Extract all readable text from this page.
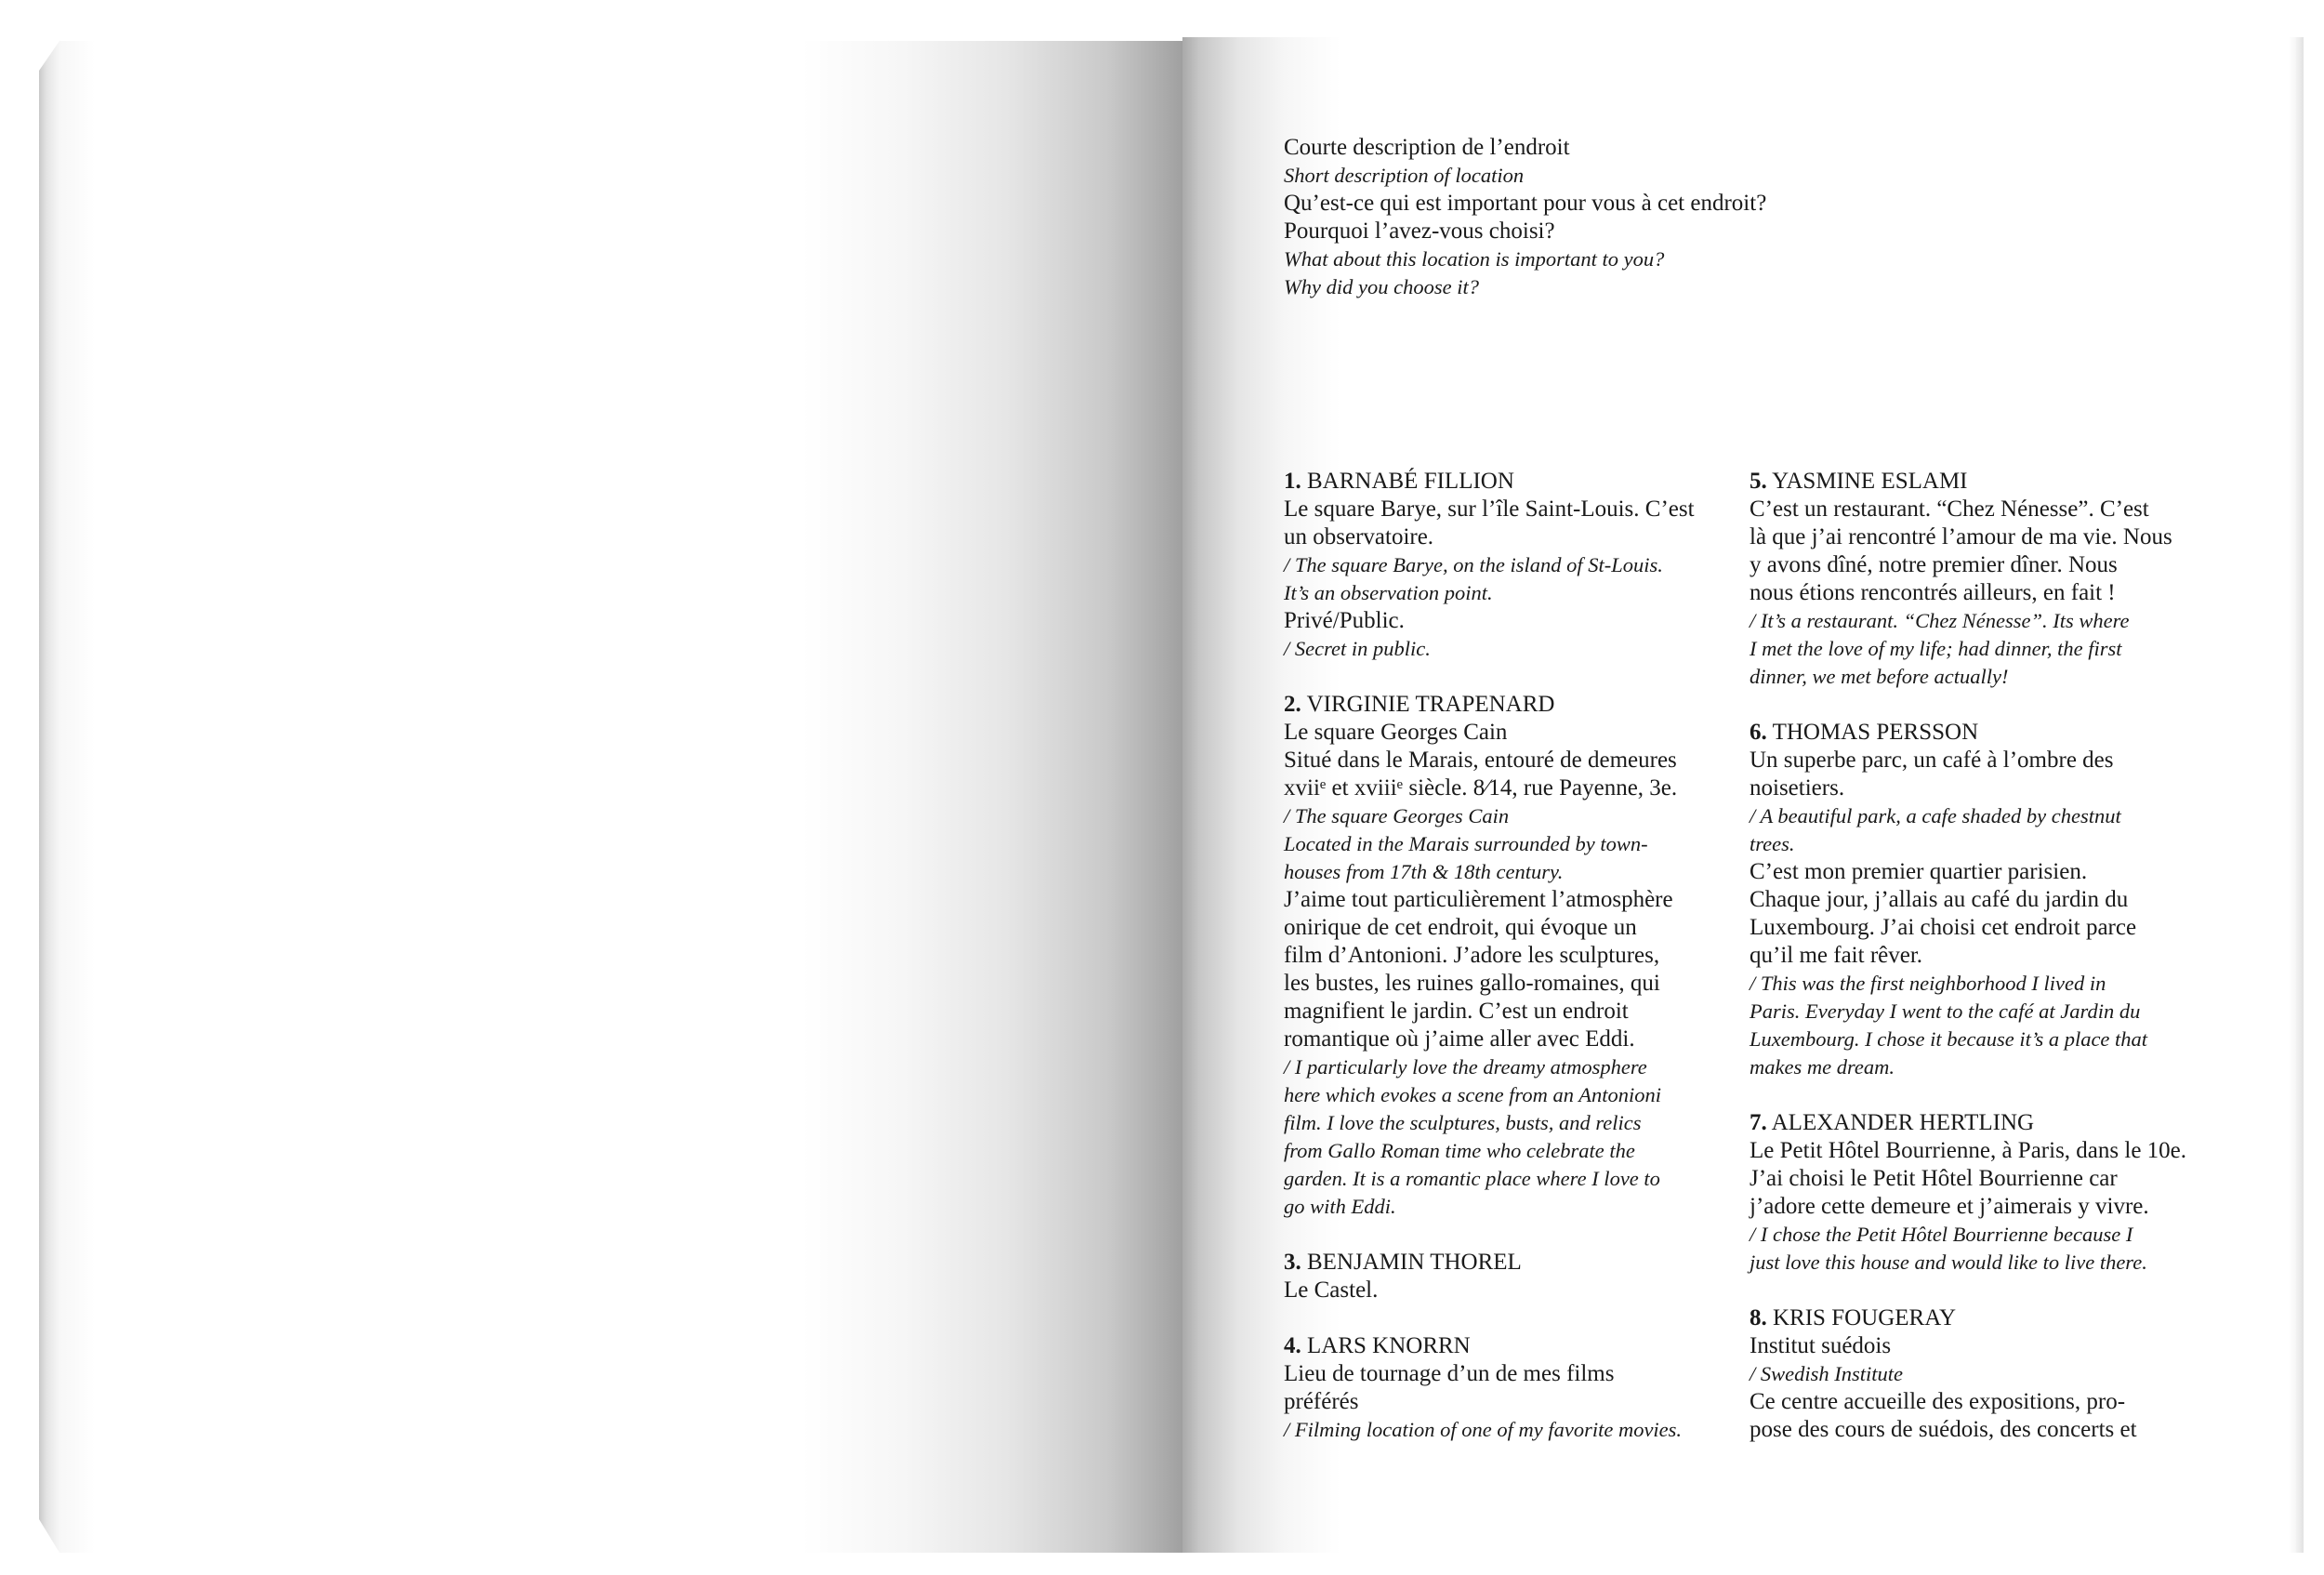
Courte description de l’endroit
Short description of location
Qu’est-ce qui est important pour vous à cet endroit?
Pourquoi l’avez-vous choisi?
What about this location is important to you?
Why did you choose it?
1. BARNABÉ FILLION
Le square Barye, sur l’île Saint-Louis. C’est
un observatoire.
/ The square Barye, on the island of St-Louis.
It’s an observation point.
Privé/Public.
/ Secret in public.
2. VIRGINIE TRAPENARD
Le square Georges Cain
Situé dans le Marais, entouré de demeures
xviiᵉ et xviiiᵉ siècle. 8⁄14, rue Payenne, 3e.
/ The square Georges Cain
Located in the Marais surrounded by town-
houses from 17th & 18th century.
J’aime tout particulièrement l’atmosphère
onirique de cet endroit, qui évoque un
film d’Antonioni. J’adore les sculptures,
les bustes, les ruines gallo-romaines, qui
magnifient le jardin. C’est un endroit
romantique où j’aime aller avec Eddi.
/ I particularly love the dreamy atmosphere
here which evokes a scene from an Antonioni
film. I love the sculptures, busts, and relics
from Gallo Roman time who celebrate the
garden. It is a romantic place where I love to
go with Eddi.
3. BENJAMIN THOREL
Le Castel.
4. LARS KNORRN
Lieu de tournage d’un de mes films
préférés
/ Filming location of one of my favorite movies.
5. YASMINE ESLAMI
C’est un restaurant. “Chez Nénesse”. C’est
là que j’ai rencontré l’amour de ma vie. Nous
y avons dîné, notre premier dîner. Nous
nous étions rencontrés ailleurs, en fait !
/ It’s a restaurant. “Chez Nénesse”. Its where
I met the love of my life; had dinner, the first
dinner, we met before actually!
6. THOMAS PERSSON
Un superbe parc, un café à l’ombre des
noisetiers.
/ A beautiful park, a cafe shaded by chestnut
trees.
C’est mon premier quartier parisien.
Chaque jour, j’allais au café du jardin du
Luxembourg. J’ai choisi cet endroit parce
qu’il me fait rêver.
/ This was the first neighborhood I lived in
Paris. Everyday I went to the café at Jardin du
Luxembourg. I chose it because it’s a place that
makes me dream.
7. ALEXANDER HERTLING
Le Petit Hôtel Bourrienne, à Paris, dans le 10e.
J’ai choisi le Petit Hôtel Bourrienne car
j’adore cette demeure et j’aimerais y vivre.
/ I chose the Petit Hôtel Bourrienne because I
just love this house and would like to live there.
8. KRIS FOUGERAY
Institut suédois
/ Swedish Institute
Ce centre accueille des expositions, pro-
pose des cours de suédois, des concerts et
